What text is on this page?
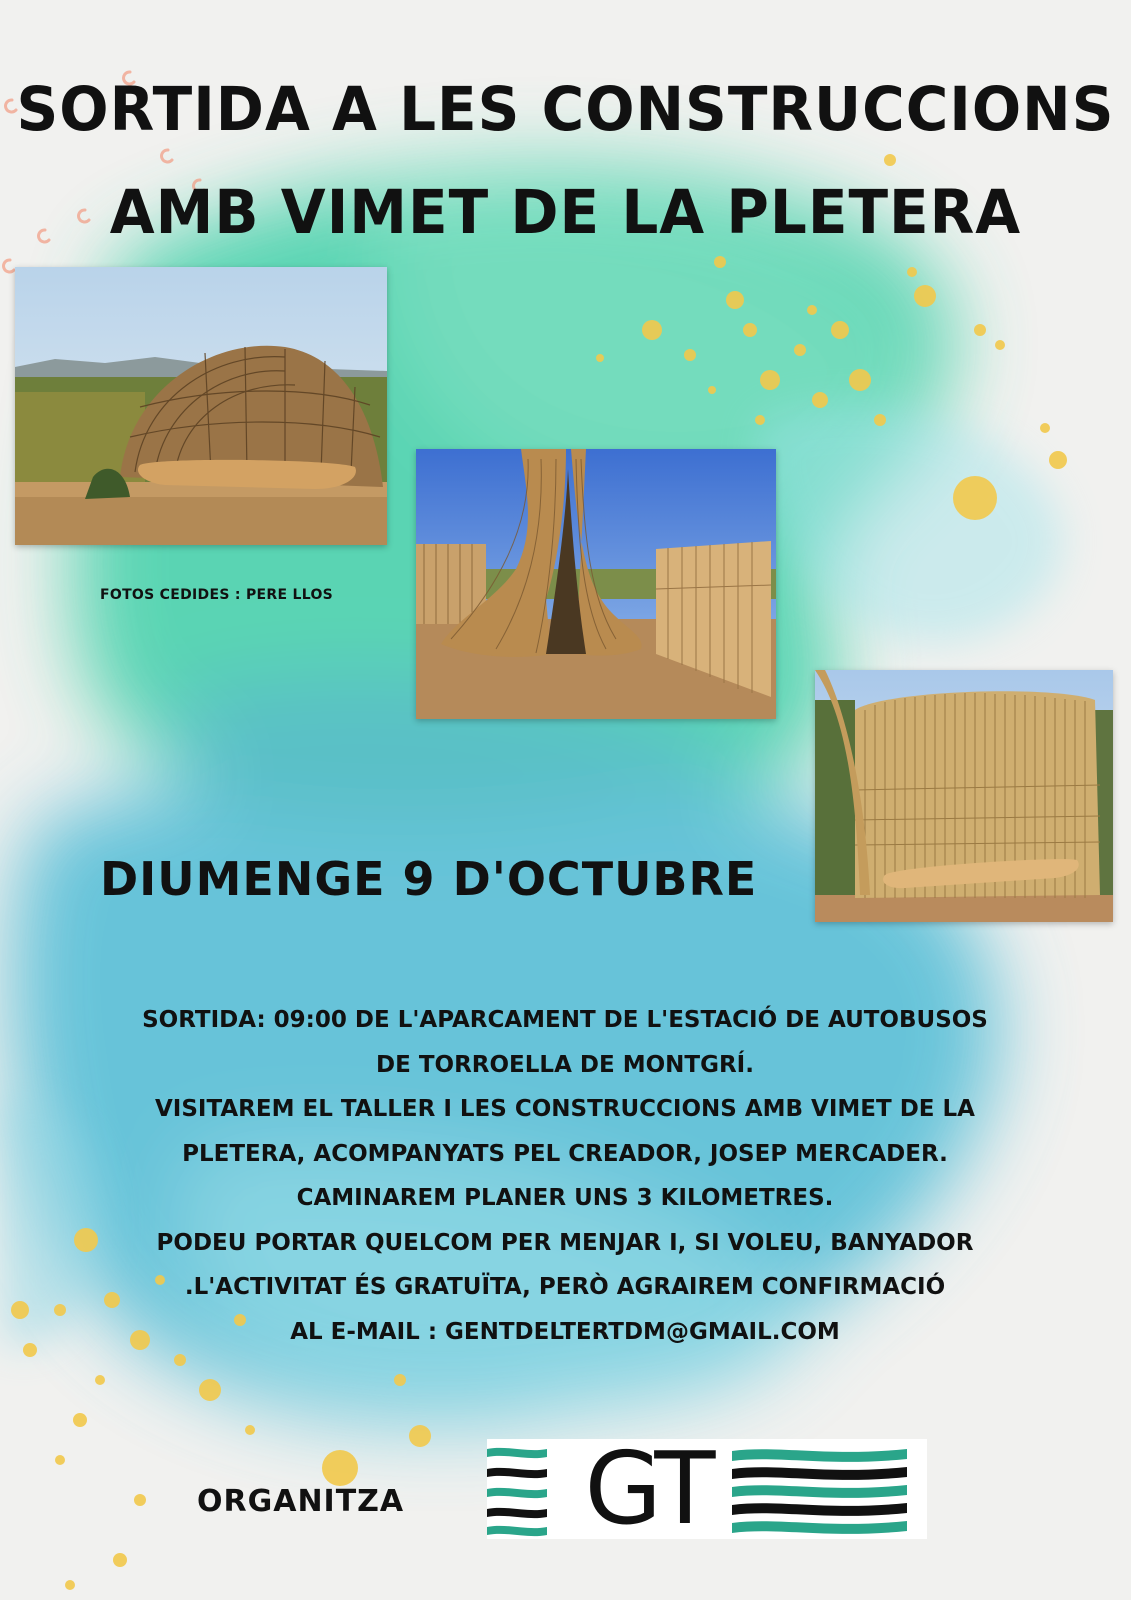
SORTIDA A LES CONSTRUCCIONS
AMB VIMET DE LA PLETERA
FOTOS CEDIDES : PERE LLOS
DIUMENGE 9 D'OCTUBRE
SORTIDA: 09:00 DE L'APARCAMENT DE L'ESTACIÓ DE AUTOBUSOS
DE TORROELLA DE MONTGRÍ.
VISITAREM EL TALLER I LES CONSTRUCCIONS AMB VIMET DE LA
PLETERA, ACOMPANYATS PEL CREADOR, JOSEP MERCADER.
CAMINAREM PLANER UNS 3 KILOMETRES.
PODEU PORTAR QUELCOM PER MENJAR I, SI VOLEU, BANYADOR
.L'ACTIVITAT ÉS GRATUÏTA, PERÒ AGRAIREM CONFIRMACIÓ
AL E-MAIL : GENTDELTERTDM@GMAIL.COM
ORGANITZA GT
